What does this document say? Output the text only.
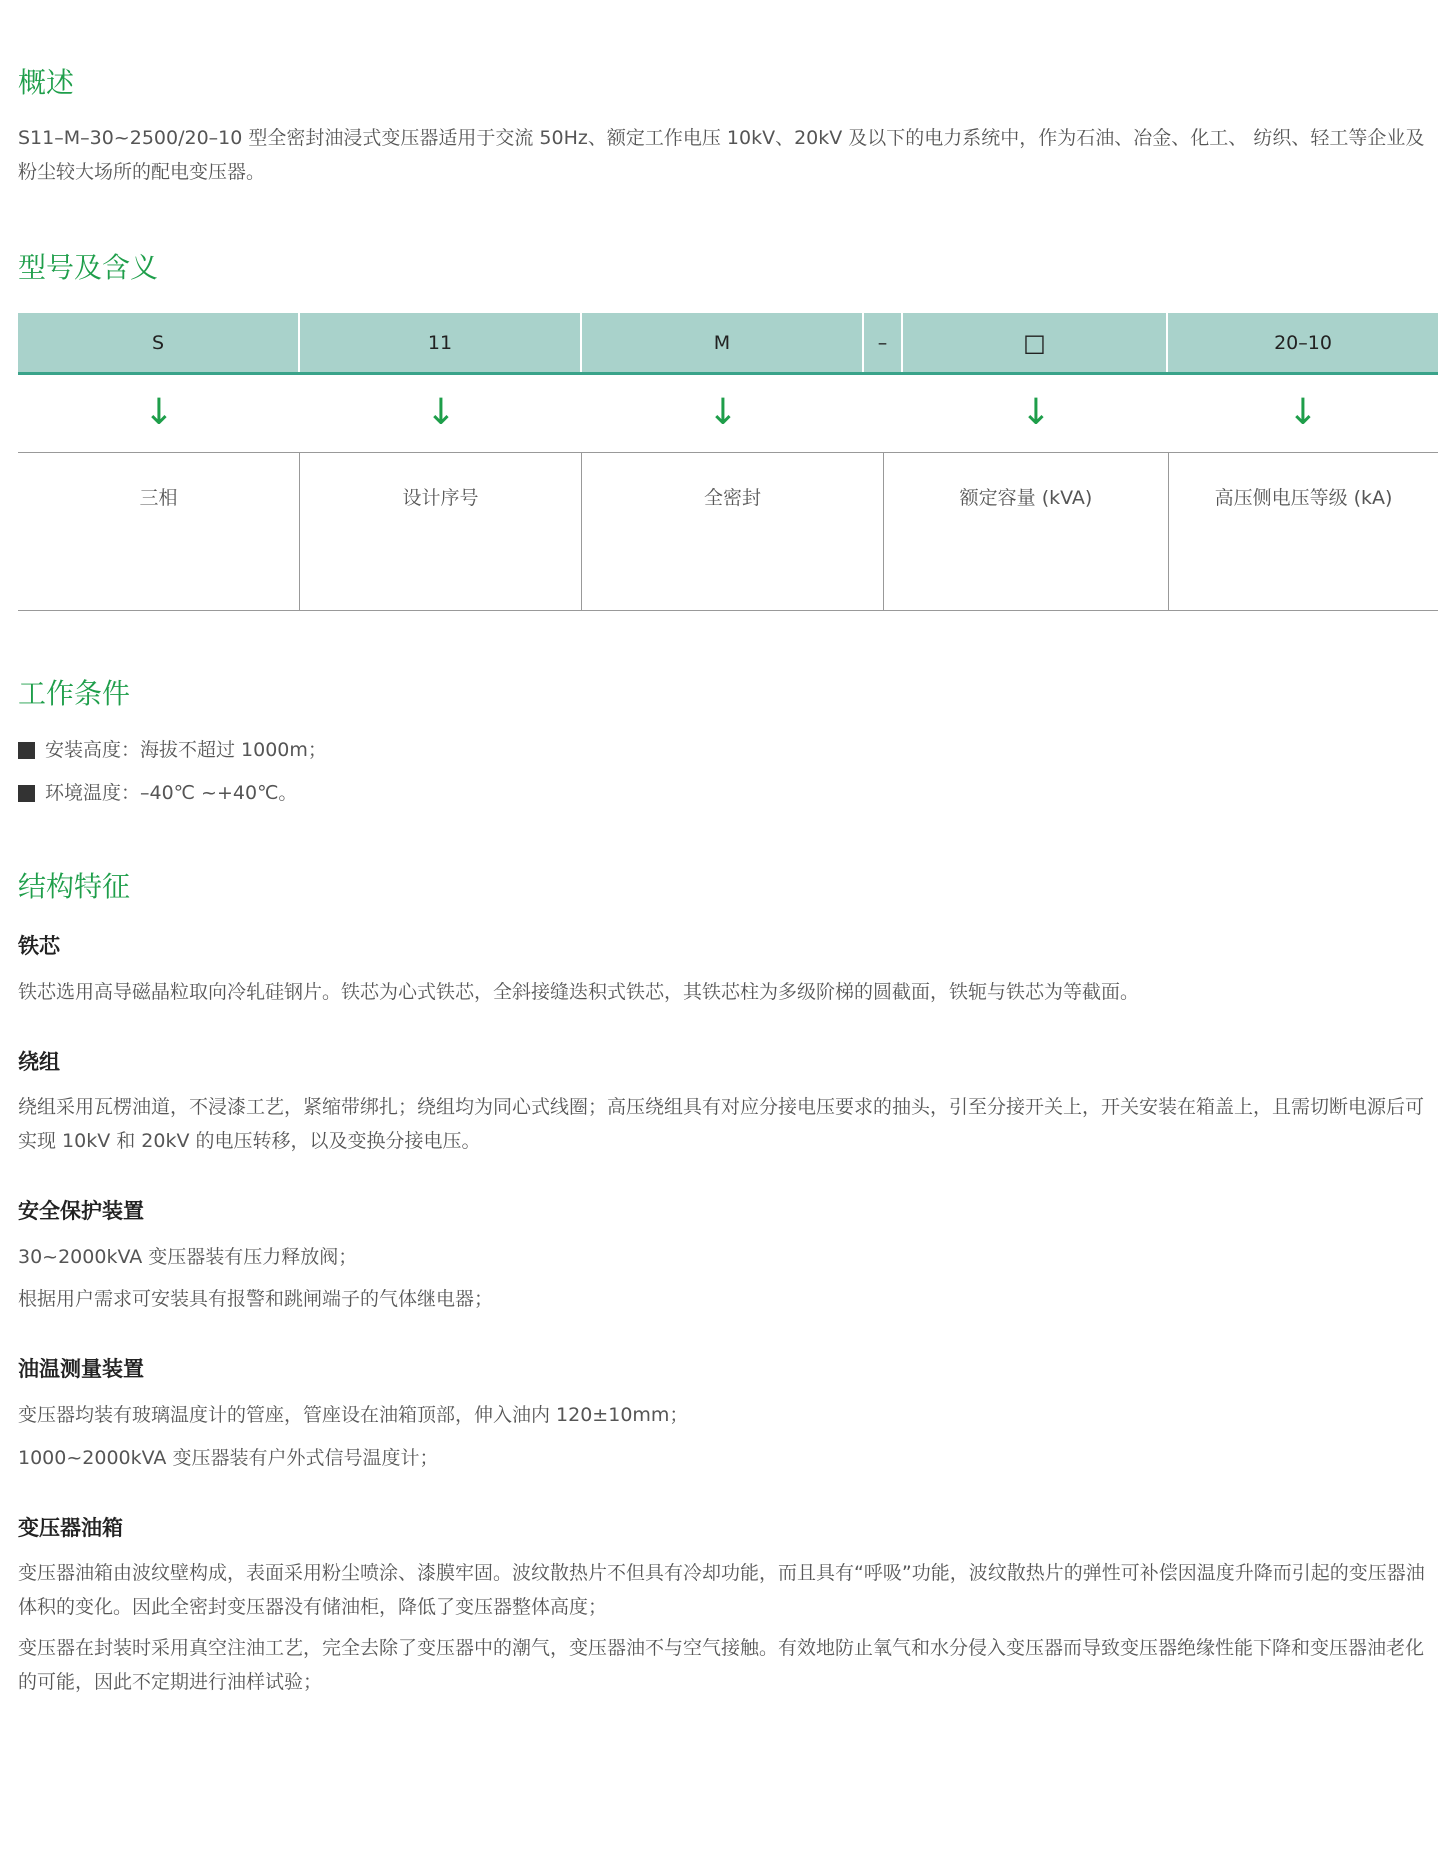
概述

S11–M–30~2500/20–10 型全密封油浸式变压器适用于交流 50Hz、额定工作电压 10kV、20kV 及以下的电力系统中，作为石油、冶金、化工、 纺织、轻工等企业及粉尘较大场所的配电变压器。

型号及含义
S	11	M	–	□	20–10
↓	↓	↓	↓	↓
三相	设计序号	全密封	额定容量 (kVA)	高压侧电压等级 (kA)
工作条件
安装高度：海拔不超过 1000m；
环境温度：–40℃ ~+40℃。
结构特征
铁芯

铁芯选用高导磁晶粒取向冷轧硅钢片。铁芯为心式铁芯，全斜接缝迭积式铁芯，其铁芯柱为多级阶梯的圆截面，铁轭与铁芯为等截面。

绕组

绕组采用瓦楞油道，不浸漆工艺，紧缩带绑扎；绕组均为同心式线圈；高压绕组具有对应分接电压要求的抽头，引至分接开关上，开关安装在箱盖上，且需切断电源后可实现 10kV 和 20kV 的电压转移，以及变换分接电压。

安全保护装置

30~2000kVA 变压器装有压力释放阀；

根据用户需求可安装具有报警和跳闸端子的气体继电器；

油温测量装置

变压器均装有玻璃温度计的管座，管座设在油箱顶部，伸入油内 120±10mm；

1000~2000kVA 变压器装有户外式信号温度计；

变压器油箱

变压器油箱由波纹壁构成，表面采用粉尘喷涂、漆膜牢固。波纹散热片不但具有冷却功能，而且具有“呼吸”功能，波纹散热片的弹性可补偿因温度升降而引起的变压器油体积的变化。因此全密封变压器没有储油柜，降低了变压器整体高度；

变压器在封装时采用真空注油工艺，完全去除了变压器中的潮气，变压器油不与空气接触。有效地防止氧气和水分侵入变压器而导致变压器绝缘性能下降和变压器油老化的可能，因此不定期进行油样试验；
